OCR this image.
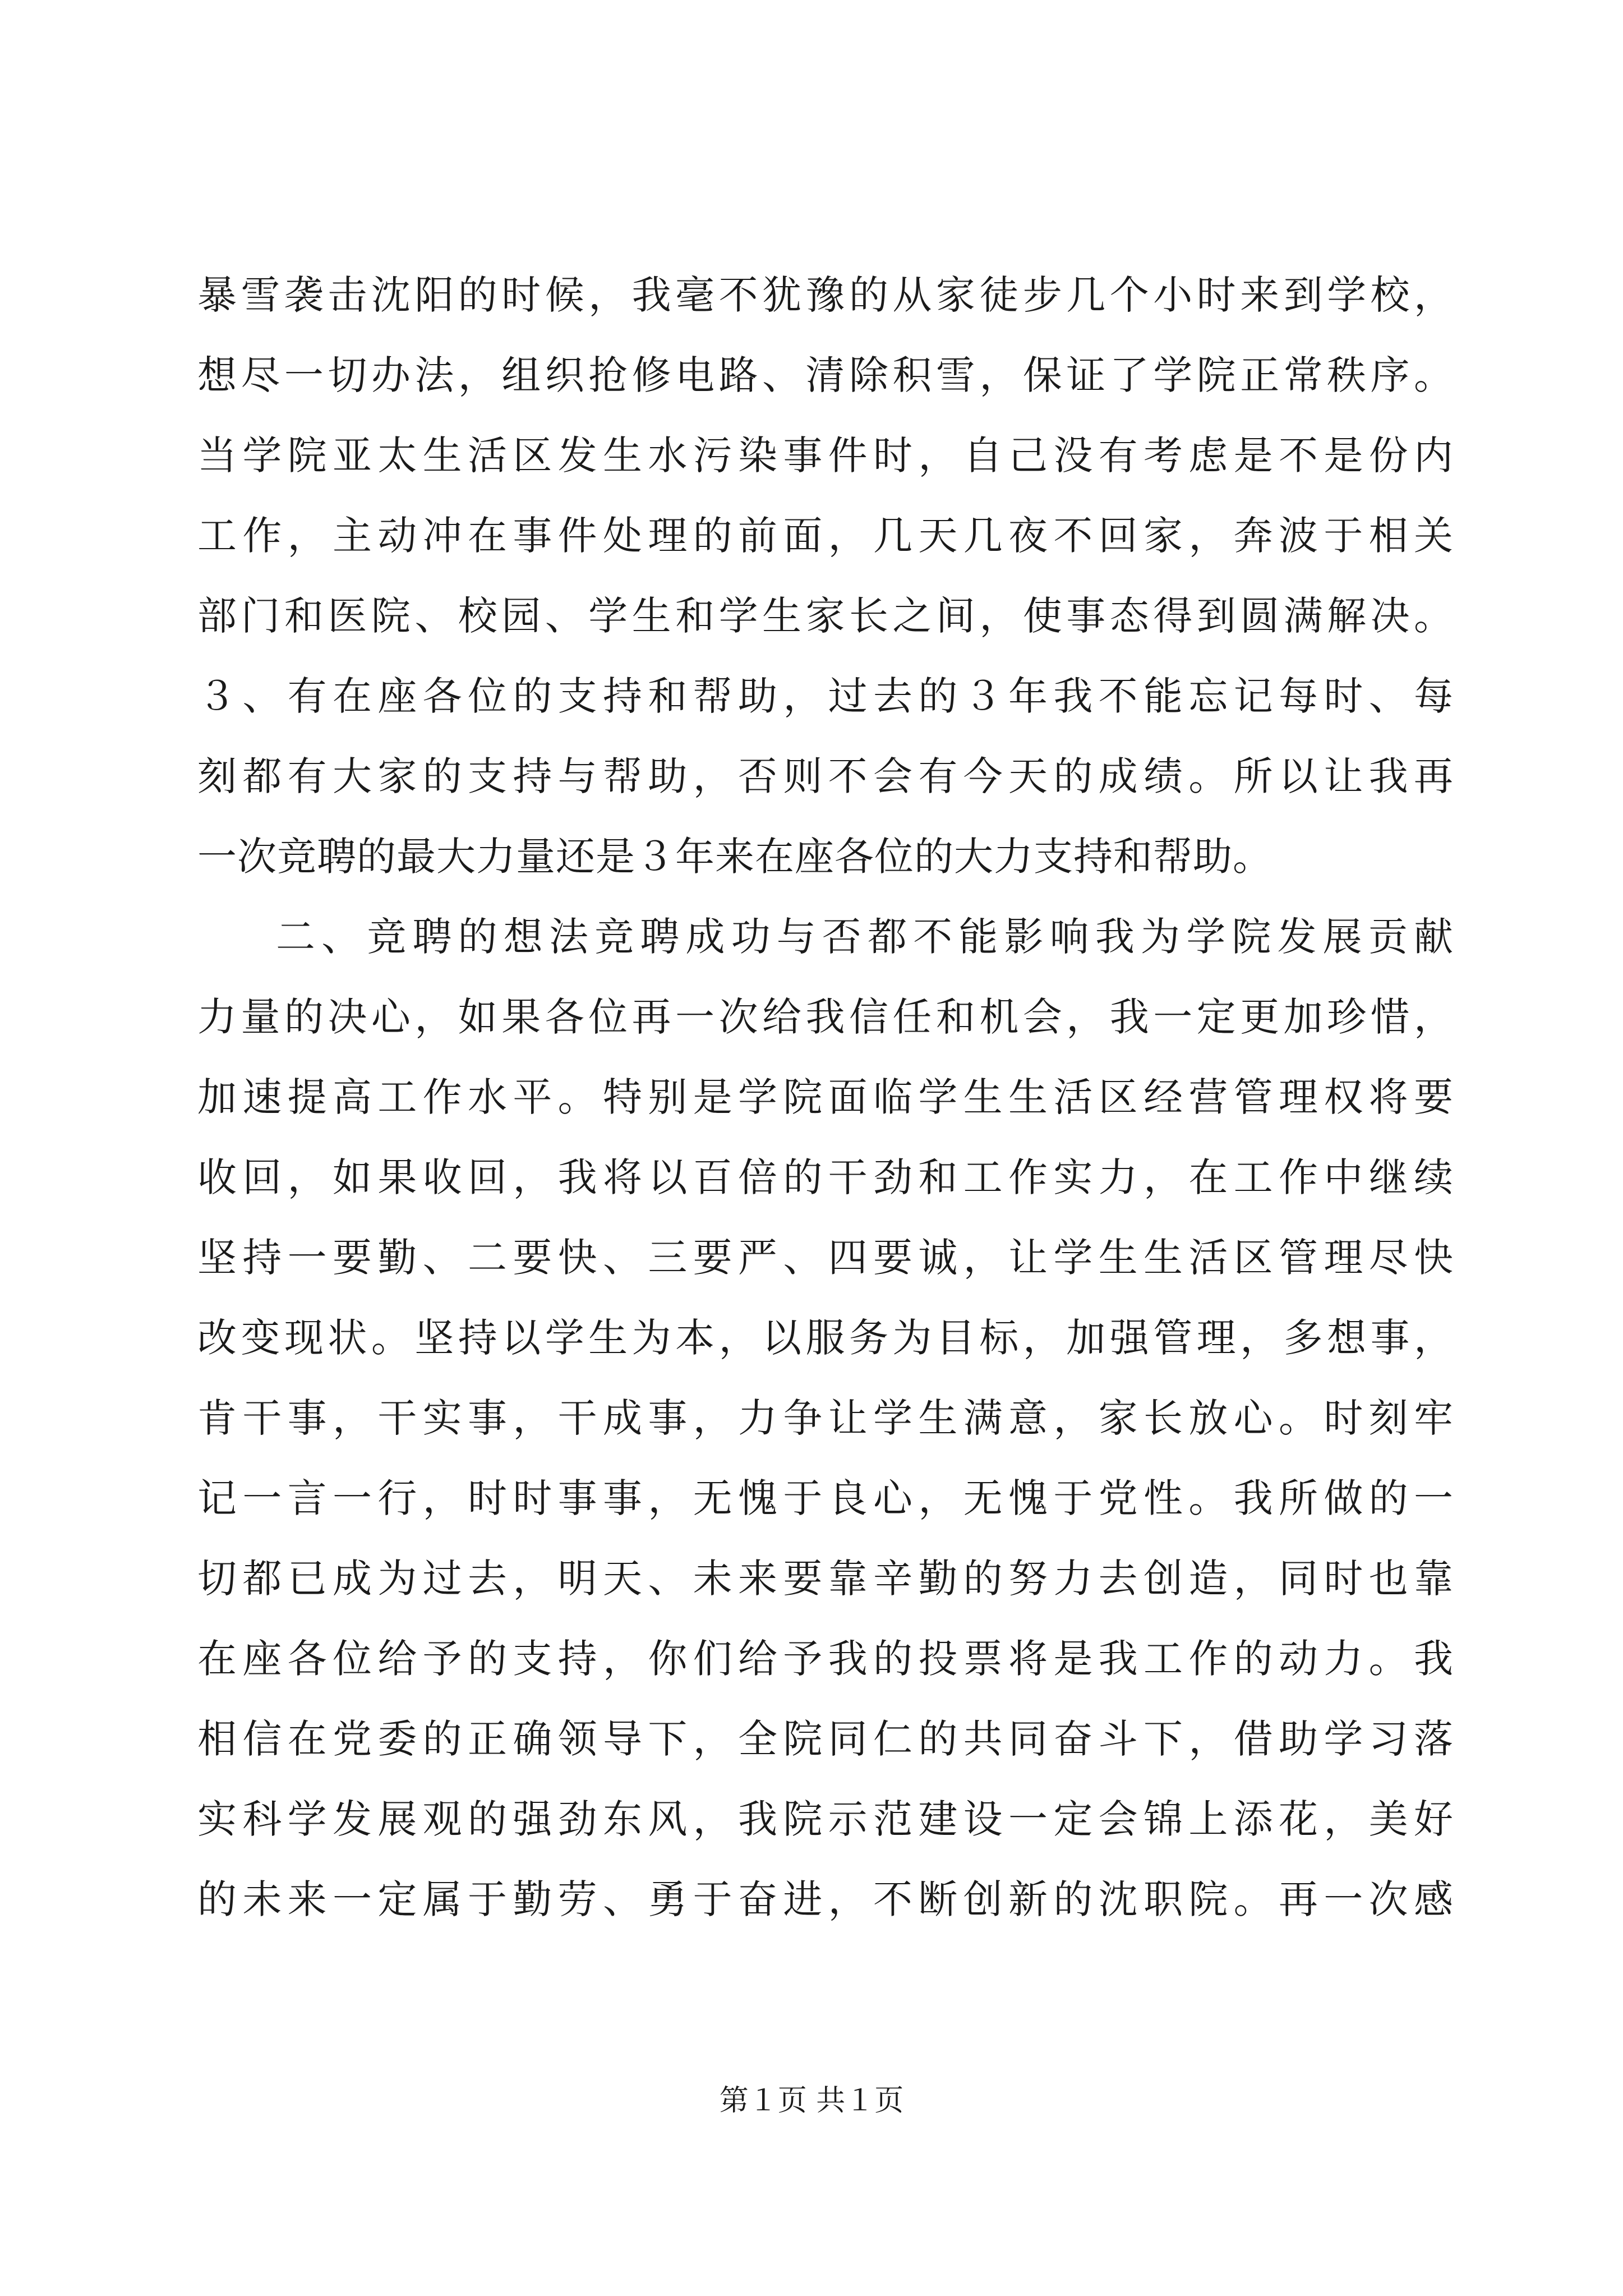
暴雪袭击沈阳的时候，我毫不犹豫的从家徒步几个小时来到学校，
想尽一切办法，组织抢修电路、清除积雪，保证了学院正常秩序。
当学院亚太生活区发生水污染事件时，自己没有考虑是不是份内
工作，主动冲在事件处理的前面，几天几夜不回家，奔波于相关
部门和医院、校园、学生和学生家长之间，使事态得到圆满解决。
３、有在座各位的支持和帮助，过去的３年我不能忘记每时、每
刻都有大家的支持与帮助，否则不会有今天的成绩。所以让我再
一次竞聘的最大力量还是３年来在座各位的大力支持和帮助。
二、竞聘的想法竞聘成功与否都不能影响我为学院发展贡献
力量的决心，如果各位再一次给我信任和机会，我一定更加珍惜，
加速提高工作水平。特别是学院面临学生生活区经营管理权将要
收回，如果收回，我将以百倍的干劲和工作实力，在工作中继续
坚持一要勤、二要快、三要严、四要诚，让学生生活区管理尽快
改变现状。坚持以学生为本，以服务为目标，加强管理，多想事，
肯干事，干实事，干成事，力争让学生满意，家长放心。时刻牢
记一言一行，时时事事，无愧于良心，无愧于党性。我所做的一
切都已成为过去，明天、未来要靠辛勤的努力去创造，同时也靠
在座各位给予的支持，你们给予我的投票将是我工作的动力。我
相信在党委的正确领导下，全院同仁的共同奋斗下，借助学习落
实科学发展观的强劲东风，我院示范建设一定会锦上添花，美好
的未来一定属于勤劳、勇于奋进，不断创新的沈职院。再一次感
第１页 共１页
